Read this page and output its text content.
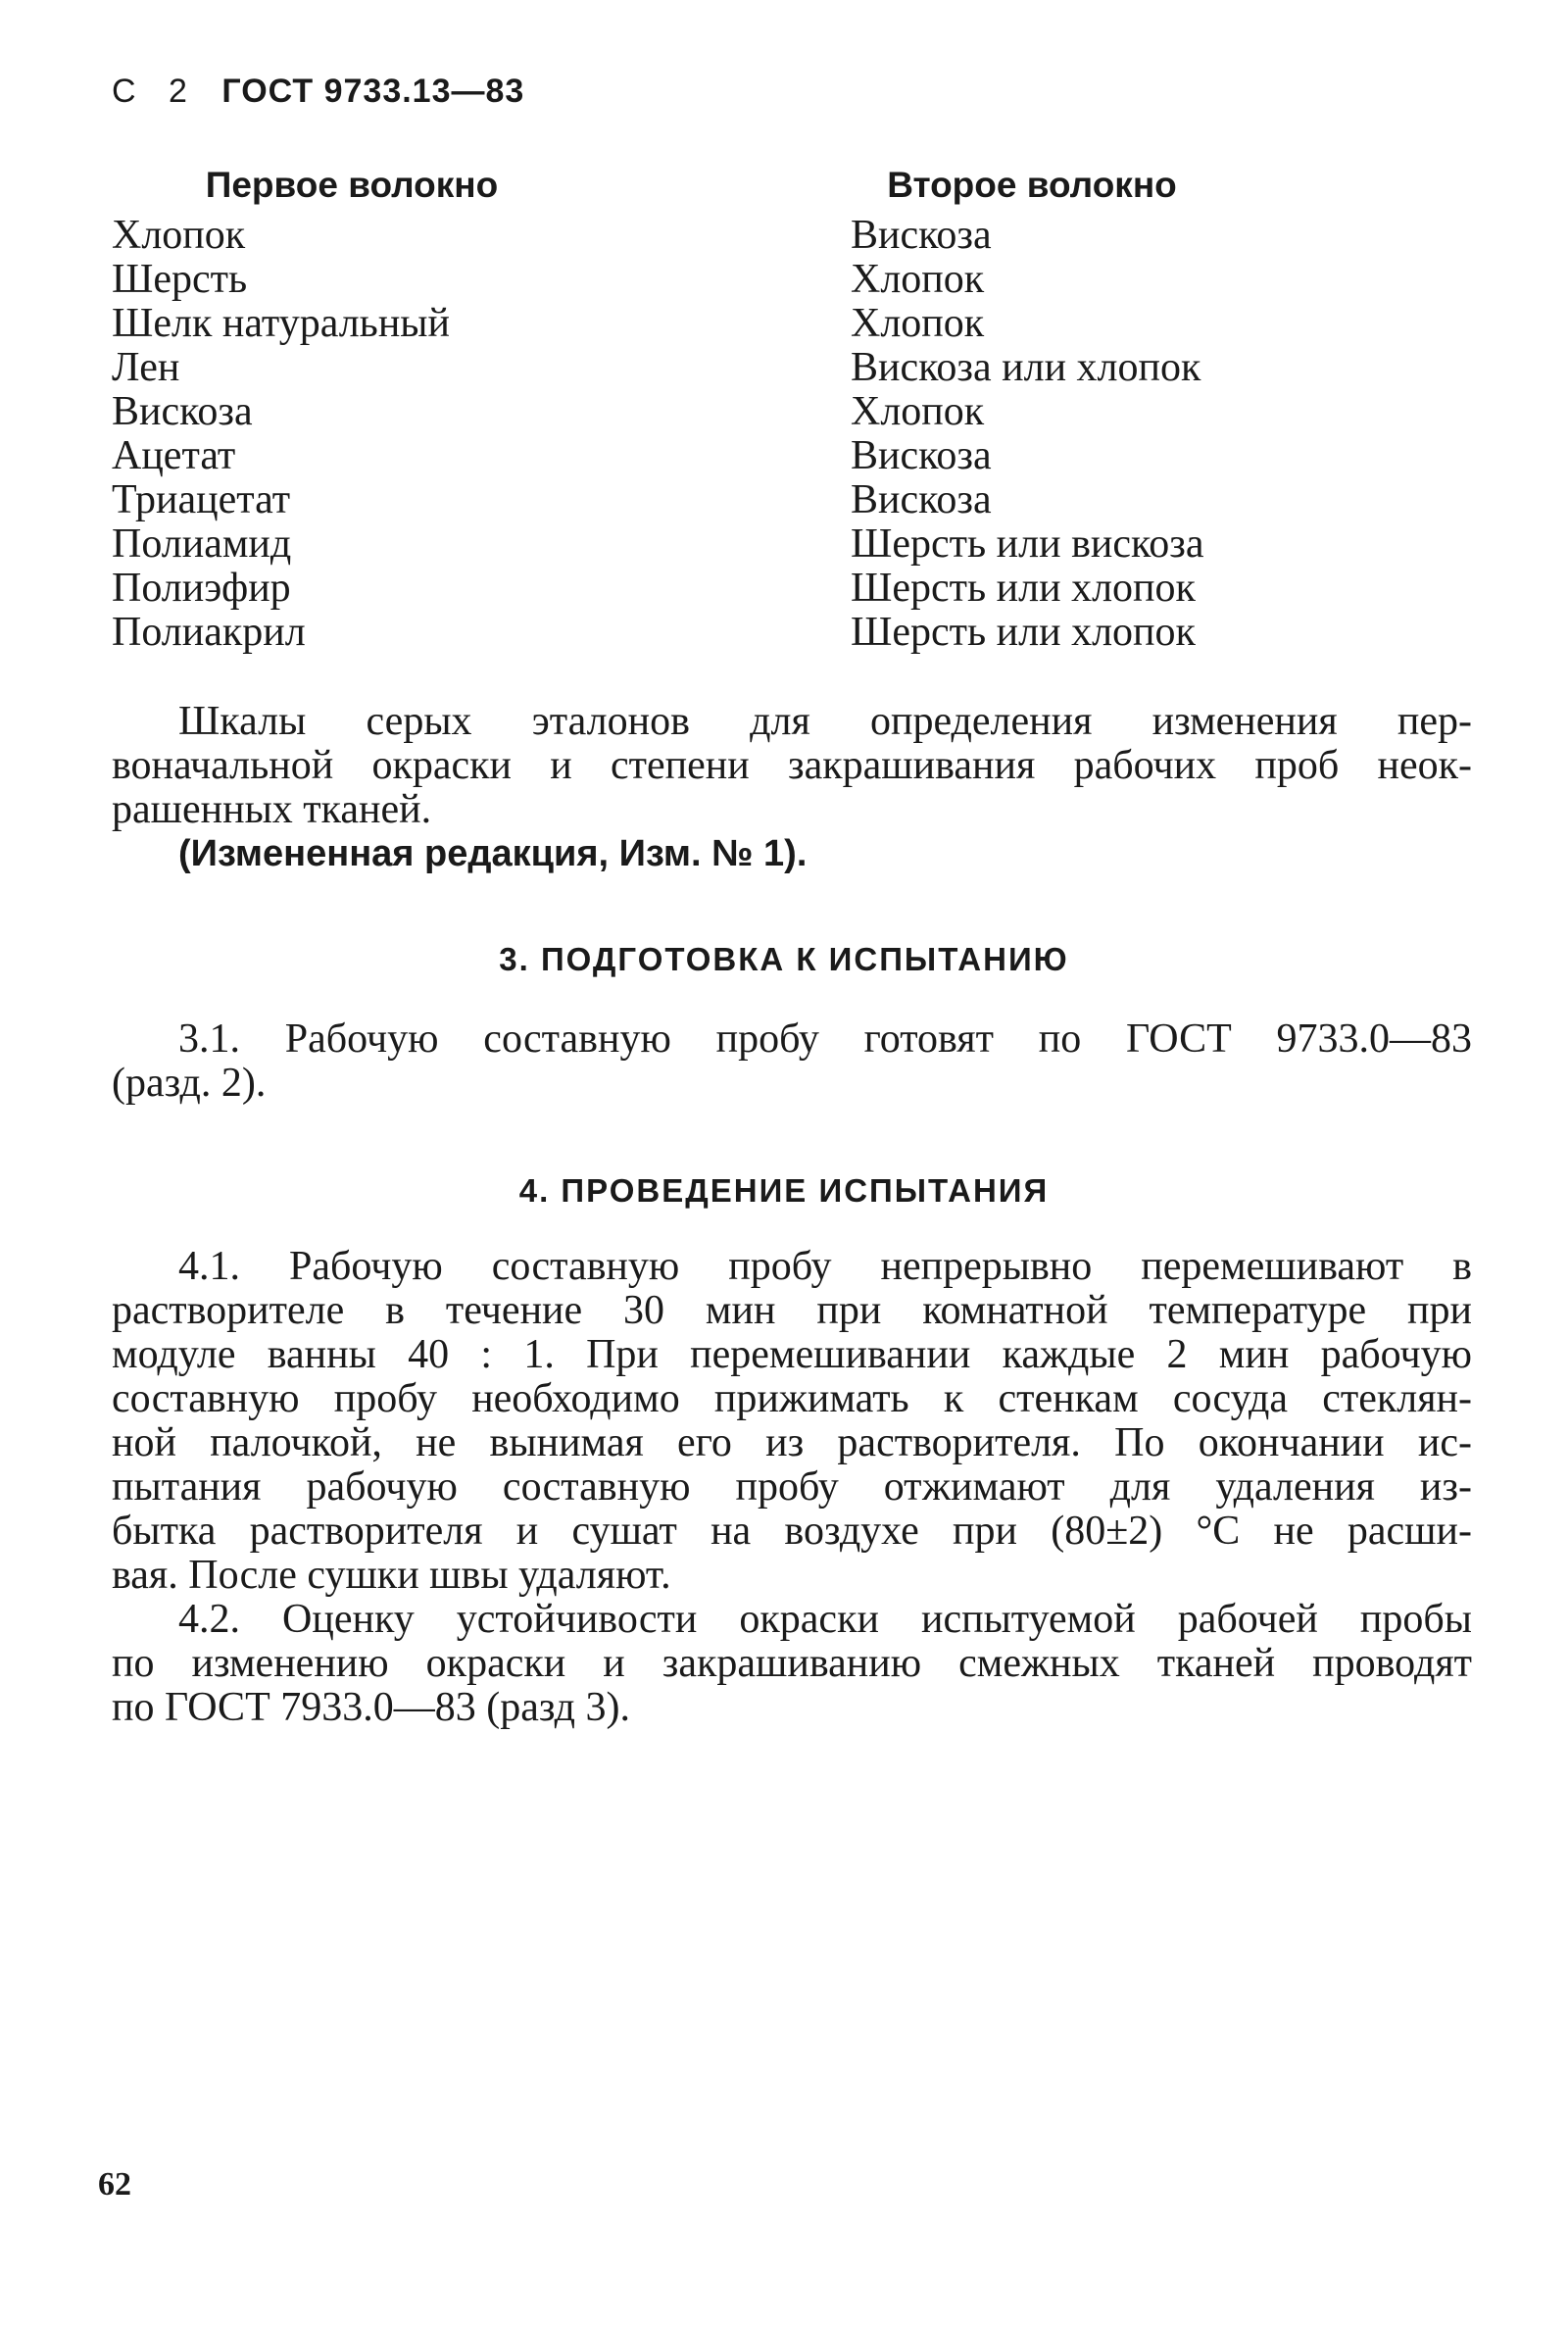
С 2 ГОСТ 9733.13—83
Первое волокно
Хлопок
Шерсть
Шелк натуральный
Лен
Вискоза
Ацетат
Триацетат
Полиамид
Полиэфир
Полиакрил
Второе волокно
Вискоза
Хлопок
Хлопок
Вискоза или хлопок
Хлопок
Вискоза
Вискоза
Шерсть или вискоза
Шерсть или хлопок
Шерсть или хлопок
Шкалы серых эталонов для определения изменения пер-
воначальной окраски и степени закрашивания рабочих проб неок-
рашенных тканей.
(Измененная редакция, Изм. № 1).
3. ПОДГОТОВКА К ИСПЫТАНИЮ
3.1. Рабочую составную пробу готовят по ГОСТ 9733.0—83
(разд. 2).
4. ПРОВЕДЕНИЕ ИСПЫТАНИЯ
4.1. Рабочую составную пробу непрерывно перемешивают в
растворителе в течение 30 мин при комнатной температуре при
модуле ванны 40 : 1. При перемешивании каждые 2 мин рабочую
составную пробу необходимо прижимать к стенкам сосуда стеклян-
ной палочкой, не вынимая его из растворителя. По окончании ис-
пытания рабочую составную пробу отжимают для удаления из-
бытка растворителя и сушат на воздухе при (80±2) °С не расши-
вая. После сушки швы удаляют.
4.2. Оценку устойчивости окраски испытуемой рабочей пробы
по изменению окраски и закрашиванию смежных тканей проводят
по ГОСТ 7933.0—83 (разд 3).
62
